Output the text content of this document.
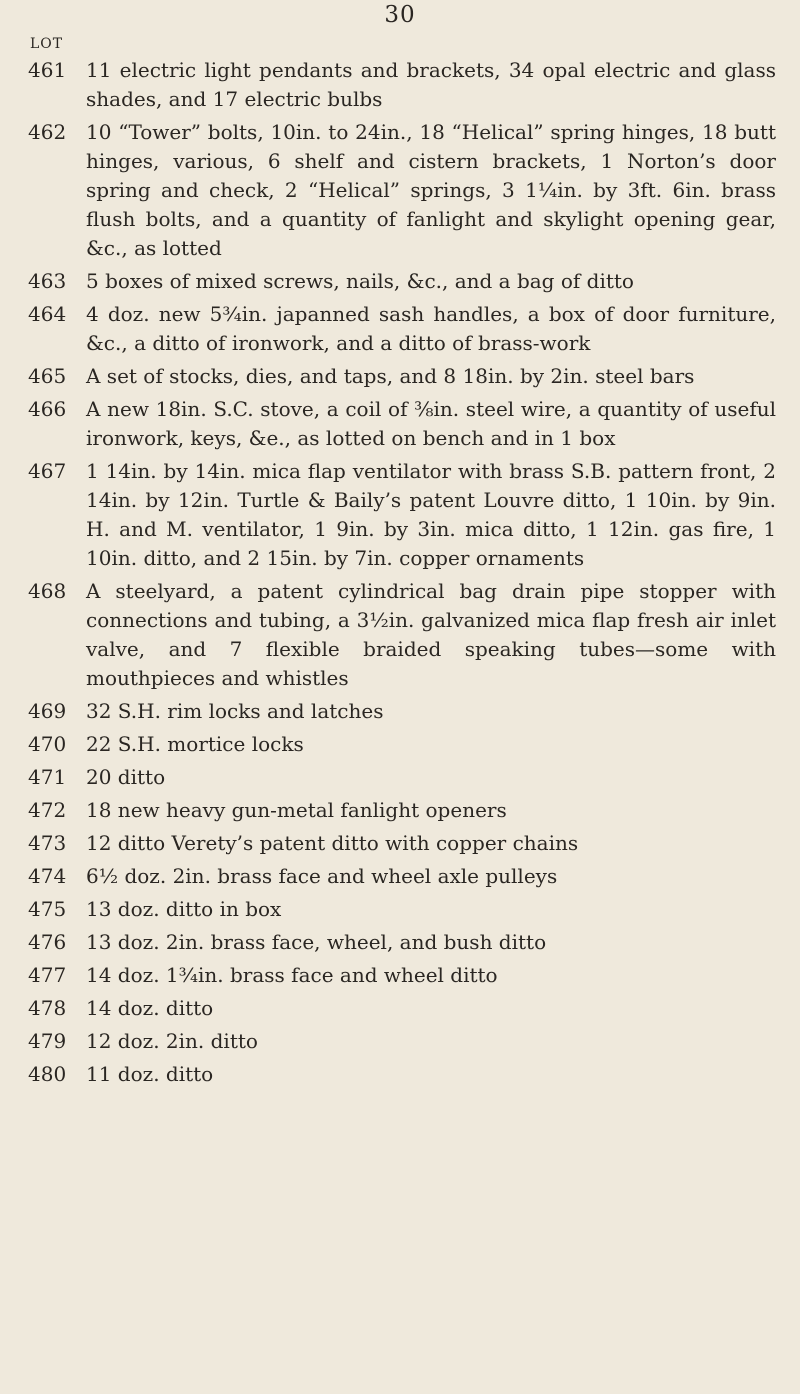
30
LOT
461 11 electric light pendants and brackets, 34 opal electric and glass shades, and 17 electric bulbs
462 10 “Tower” bolts, 10in. to 24in., 18 “Helical” spring hinges, 18 butt hinges, various, 6 shelf and cistern brackets, 1 Norton’s door spring and check, 2 “Helical” springs, 3 1¼in. by 3ft. 6in. brass flush bolts, and a quantity of fanlight and skylight opening gear, &c., as lotted
463 5 boxes of mixed screws, nails, &c., and a bag of ditto
464 4 doz. new 5¾in. japanned sash handles, a box of door furniture, &c., a ditto of ironwork, and a ditto of brass-work
465 A set of stocks, dies, and taps, and 8 18in. by 2in. steel bars
466 A new 18in. S.C. stove, a coil of ⅜in. steel wire, a quantity of useful ironwork, keys, &e., as lotted on bench and in 1 box
467 1 14in. by 14in. mica flap ventilator with brass S.B. pattern front, 2 14in. by 12in. Turtle & Baily’s patent Louvre ditto, 1 10in. by 9in. H. and M. ventilator, 1 9in. by 3in. mica ditto, 1 12in. gas fire, 1 10in. ditto, and 2 15in. by 7in. copper ornaments
468 A steelyard, a patent cylindrical bag drain pipe stopper with connections and tubing, a 3½in. galvanized mica flap fresh air inlet valve, and 7 flexible braided speaking tubes—some with mouthpieces and whistles
469 32 S.H. rim locks and latches
470 22 S.H. mortice locks
471 20 ditto
472 18 new heavy gun-metal fanlight openers
473 12 ditto Verety’s patent ditto with copper chains
474 6½ doz. 2in. brass face and wheel axle pulleys
475 13 doz. ditto in box
476 13 doz. 2in. brass face, wheel, and bush ditto
477 14 doz. 1¾in. brass face and wheel ditto
478 14 doz. ditto
479 12 doz. 2in. ditto
480 11 doz. ditto
